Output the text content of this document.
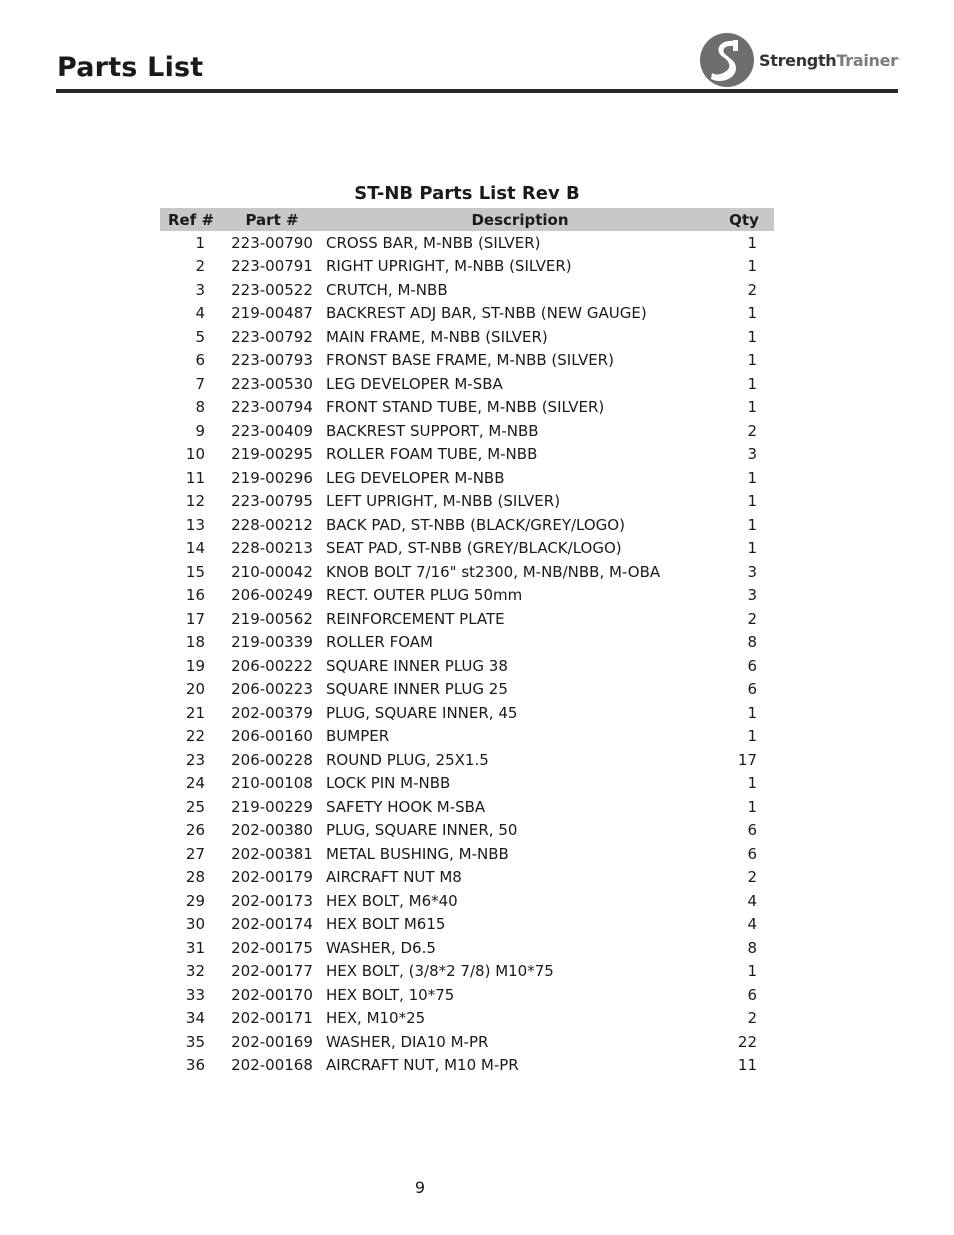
Parts List	StrengthTrainer.
ST-NB Parts List Rev B
Ref #	Part #	Description	Qty
1	223-00790	CROSS BAR, M-NBB (SILVER)	1
2	223-00791	RIGHT UPRIGHT, M-NBB (SILVER)	1
3	223-00522	CRUTCH, M-NBB	2
4	219-00487	BACKREST ADJ BAR, ST-NBB (NEW GAUGE)	1
5	223-00792	MAIN FRAME, M-NBB (SILVER)	1
6	223-00793	FRONST BASE FRAME, M-NBB (SILVER)	1
7	223-00530	LEG DEVELOPER M-SBA	1
8	223-00794	FRONT STAND TUBE, M-NBB (SILVER)	1
9	223-00409	BACKREST SUPPORT, M-NBB	2
10	219-00295	ROLLER FOAM TUBE, M-NBB	3
11	219-00296	LEG DEVELOPER M-NBB	1
12	223-00795	LEFT UPRIGHT, M-NBB (SILVER)	1
13	228-00212	BACK PAD, ST-NBB (BLACK/GREY/LOGO)	1
14	228-00213	SEAT PAD, ST-NBB (GREY/BLACK/LOGO)	1
15	210-00042	KNOB BOLT 7/16" st2300, M-NB/NBB, M-OBA	3
16	206-00249	RECT. OUTER PLUG 50mm	3
17	219-00562	REINFORCEMENT PLATE	2
18	219-00339	ROLLER FOAM	8
19	206-00222	SQUARE INNER PLUG 38	6
20	206-00223	SQUARE INNER PLUG 25	6
21	202-00379	PLUG, SQUARE INNER, 45	1
22	206-00160	BUMPER	1
23	206-00228	ROUND PLUG, 25X1.5	17
24	210-00108	LOCK PIN M-NBB	1
25	219-00229	SAFETY HOOK M-SBA	1
26	202-00380	PLUG, SQUARE INNER, 50	6
27	202-00381	METAL BUSHING, M-NBB	6
28	202-00179	AIRCRAFT NUT M8	2
29	202-00173	HEX BOLT, M6*40	4
30	202-00174	HEX BOLT M615	4
31	202-00175	WASHER, D6.5	8
32	202-00177	HEX BOLT, (3/8*2 7/8) M10*75	1
33	202-00170	HEX BOLT, 10*75	6
34	202-00171	HEX, M10*25	2
35	202-00169	WASHER, DIA10 M-PR	22
36	202-00168	AIRCRAFT NUT, M10 M-PR	11
9
